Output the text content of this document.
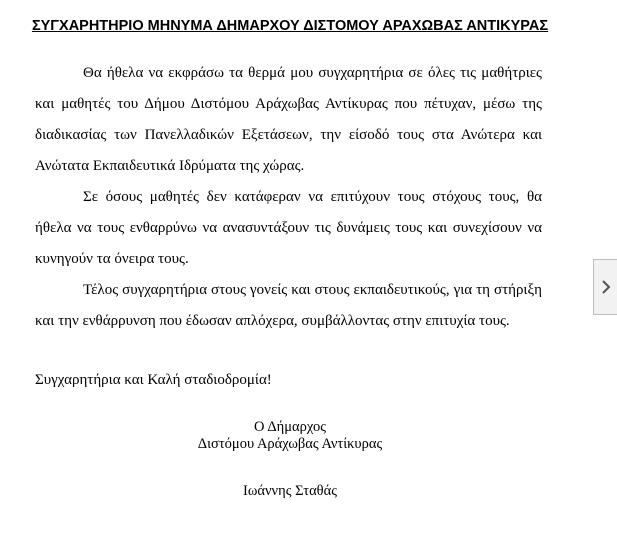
ΣΥΓΧΑΡΗΤΗΡΙΟ ΜΗΝΥΜΑ ΔΗΜΑΡΧΟΥ ΔΙΣΤΟΜΟΥ ΑΡΑΧΩΒΑΣ ΑΝΤΙΚΥΡΑΣ

Θα ήθελα να εκφράσω τα θερμά μου συγχαρητήρια σε όλες τις μαθήτριες και μαθητές του Δήμου Διστόμου Αράχωβας Αντίκυρας που πέτυχαν, μέσω της διαδικασίας των Πανελλαδικών Εξετάσεων, την είσοδό τους στα Ανώτερα και Ανώτατα Εκπαιδευτικά Ιδρύματα της χώρας.

Σε όσους μαθητές δεν κατάφεραν να επιτύχουν τους στόχους τους, θα ήθελα να τους ενθαρρύνω να ανασυντάξουν τις δυνάμεις τους και συνεχίσουν να κυνηγούν τα όνειρα τους.

Τέλος συγχαρητήρια στους γονείς και στους εκπαιδευτικούς, για τη στήριξη και την ενθάρρυνση που έδωσαν απλόχερα, συμβάλλοντας στην επιτυχία τους.

Συγχαρητήρια και Καλή σταδιοδρομία!

Ο Δήμαρχος
Διστόμου Αράχωβας Αντίκυρας
Ιωάννης Σταθάς
